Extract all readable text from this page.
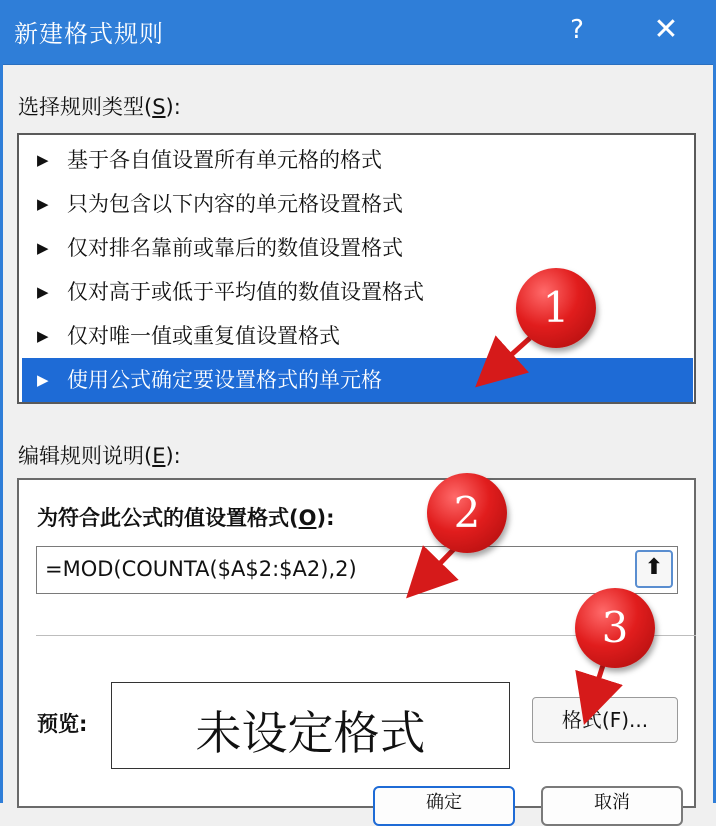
新建格式规则	?	✕
选择规则类型(S):
▶ 基于各自值设置所有单元格的格式
▶ 只为包含以下内容的单元格设置格式
▶ 仅对排名靠前或靠后的数值设置格式
▶ 仅对高于或低于平均值的数值设置格式
▶ 仅对唯一值或重复值设置格式
▶ 使用公式确定要设置格式的单元格
编辑规则说明(E):
为符合此公式的值设置格式(O):
=MOD(COUNTA($A$2:$A2),2)	⬆
预览:	未设定格式	格式(F)...
确定	取消
1
2
3
